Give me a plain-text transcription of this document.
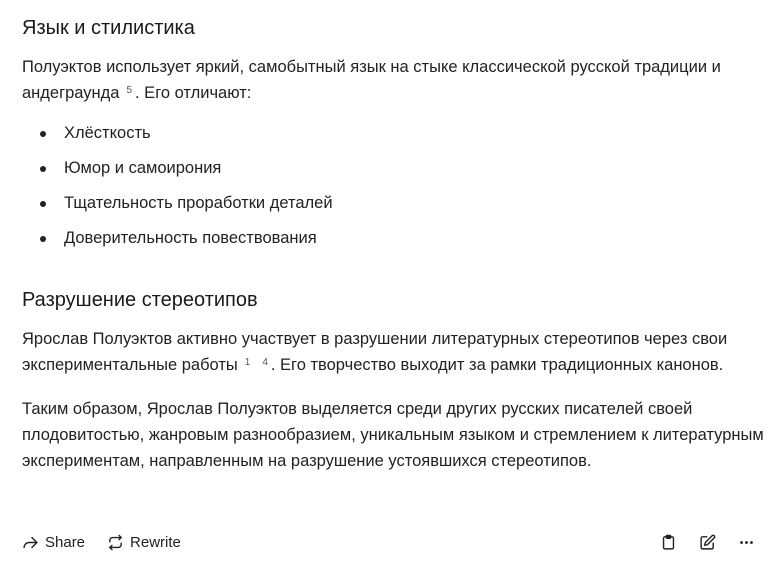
Язык и стилистика

Полуэктов использует яркий, самобытный язык на стыке классической русской традиции и андеграунда $^5$ . Его отличают:

Хлёсткость
Юмор и самоирония
Тщательность проработки деталей
Доверительность повествования
Разрушение стереотипов

Ярослав Полуэктов активно участвует в разрушении литературных стереотипов через свои экспериментальные работы $^1$ $^4$ . Его творчество выходит за рамки традиционных канонов.

Таким образом, Ярослав Полуэктов выделяется среди других русских писателей своей плодовитостью, жанровым разнообразием, уникальным языком и стремлением к литературным экспериментам, направленным на разрушение устоявшихся стереотипов.

Share	Rewrite
